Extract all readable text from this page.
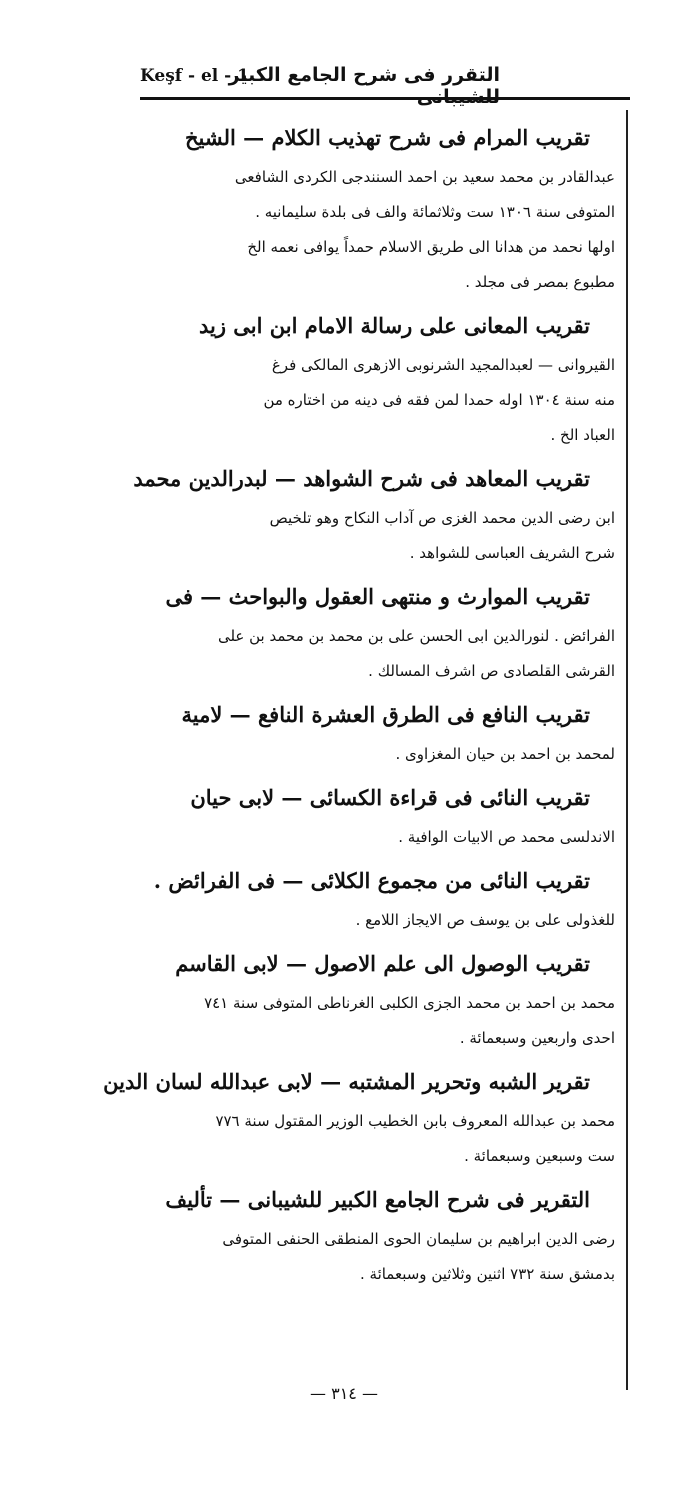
التقرر فى شرح الجامع الكبير للشيبانى
Keşf - el - 1
تقريب المرام فى شرح تهذيب الكلام — الشيخ
عبدالقادر بن محمد سعيد بن احمد السنندجى الكردى الشافعى
المتوفى سنة ١٣٠٦ ست وثلاثمائة والف فى بلدة سليمانيه .
اولها نحمد من هدانا الى طريق الاسلام حمداً يوافى نعمه الخ
مطبوع بمصر فى مجلد .
تقريب المعانى على رسالة الامام ابن ابى زيد
القيروانى — لعبدالمجيد الشرنوبى الازهرى المالكى فرغ
منه سنة ١٣٠٤ اوله حمدا لمن فقه فى دينه من اختاره من
العباد الخ .
تقريب المعاهد فى شرح الشواهد — لبدرالدين محمد
ابن رضى الدين محمد الغزى ص آداب النكاح وهو تلخيص
شرح الشريف العباسى للشواهد .
تقريب الموارث و منتهى العقول والبواحث — فى
الفرائض . لنورالدين ابى الحسن على بن محمد بن محمد بن على
القرشى القلصادى ص اشرف المسالك .
تقريب النافع فى الطرق العشرة النافع — لامية
لمحمد بن احمد بن حيان المغزاوى .
تقريب النائى فى قراءة الكسائى — لابى حيان
الاندلسى محمد ص الابيات الوافية .
تقريب النائى من مجموع الكلائى — فى الفرائض .
للغذولى على بن يوسف ص الايجاز اللامع .
تقريب الوصول الى علم الاصول — لابى القاسم
محمد بن احمد بن محمد الجزى الكلبى الغرناطى المتوفى سنة ٧٤١
احدى واربعين وسبعمائة .
تقرير الشبه وتحرير المشتبه — لابى عبدالله لسان الدين
محمد بن عبدالله المعروف بابن الخطيب الوزير المقتول سنة ٧٧٦
ست وسبعين وسبعمائة .
التقرير فى شرح الجامع الكبير للشيبانى — تأليف
رضى الدين ابراهيم بن سليمان الحوى المنطقى الحنفى المتوفى
بدمشق سنة ٧٣٢ اثنين وثلاثين وسبعمائة .
— ٣١٤ —
